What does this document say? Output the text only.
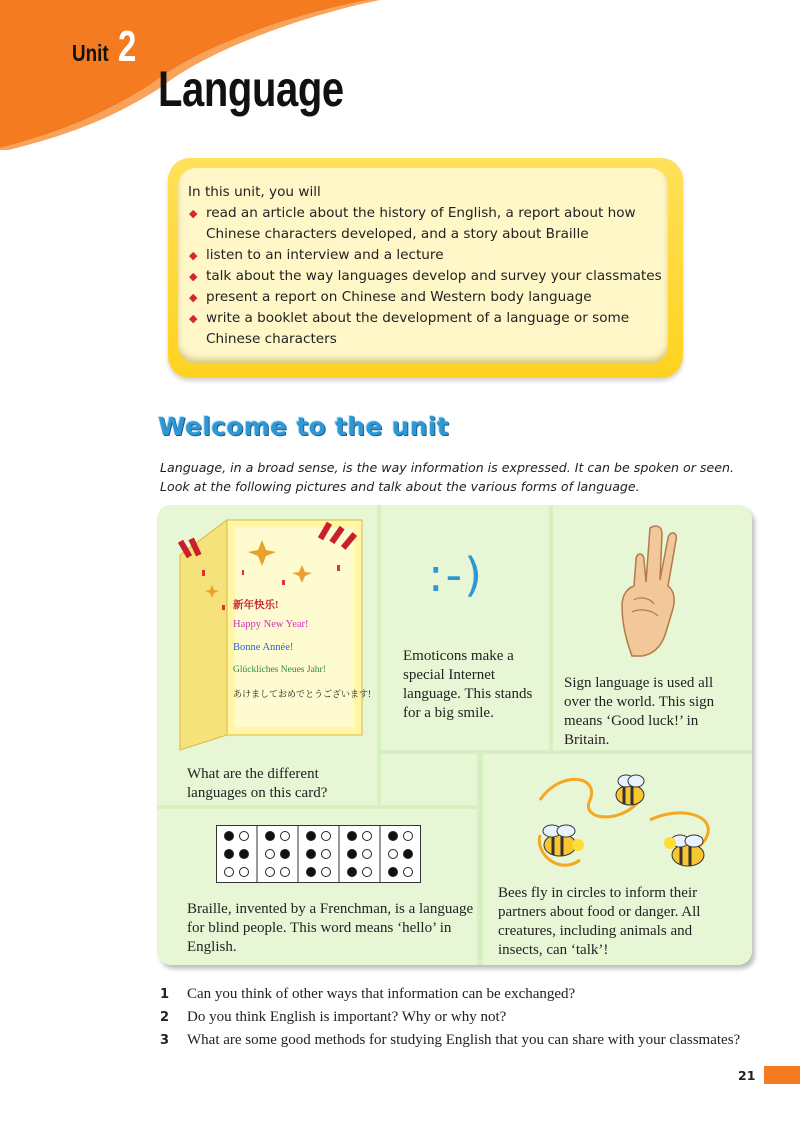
Unit 2
Language

In this unit, you will

◆ read an article about the history of English, a report about how Chinese characters developed, and a story about Braille
◆ listen to an interview and a lecture
◆ talk about the way languages develop and survey your classmates
◆ present a report on Chinese and Western body language
◆ write a booklet about the development of a language or some Chinese characters
Welcome to the unit
Language, in a broad sense, is the way information is expressed. It can be spoken or seen. Look at the following pictures and talk about the various forms of language.
新年快乐!
Happy New Year!
Bonne Année!
Glückliches Neues Jahr!
あけましておめでとうございます!
What are the different languages on this card?
:-)
Emoticons make a special Internet language. This stands for a big smile.
Sign language is used all over the world. This sign means ‘Good luck!’ in Britain.
Braille, invented by a Frenchman, is a language for blind people. This word means ‘hello’ in English.
Bees fly in circles to inform their partners about food or danger. All creatures, including animals and insects, can ‘talk’!

1 Can you think of other ways that information can be exchanged?

2 Do you think English is important? Why or why not?

3 What are some good methods for studying English that you can share with your classmates?

21
